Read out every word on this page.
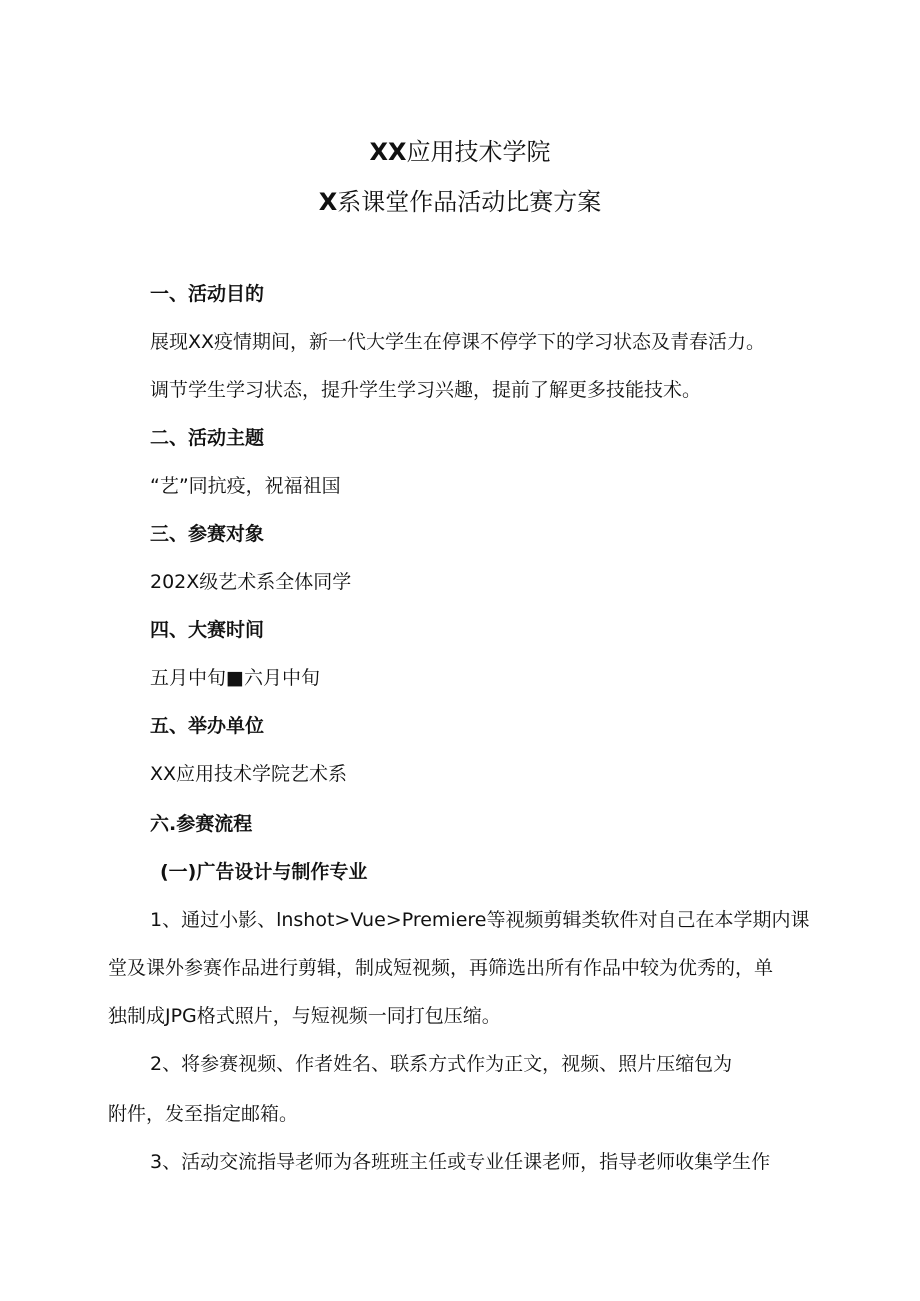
XX应用技术学院
X系课堂作品活动比赛方案
一、活动目的
展现XX疫情期间，新一代大学生在停课不停学下的学习状态及青春活力。
调节学生学习状态，提升学生学习兴趣，提前了解更多技能技术。
二、活动主题
“艺”同抗疫，祝福祖国
三、参赛对象
202X级艺术系全体同学
四、大赛时间
五月中旬■六月中旬
五、举办单位
XX应用技术学院艺术系
六.参赛流程
(一)广告设计与制作专业
1、通过小影、lnshot>Vue>Premiere等视频剪辑类软件对自己在本学期内课
堂及课外参赛作品进行剪辑，制成短视频，再筛选出所有作品中较为优秀的，单
独制成JPG格式照片，与短视频一同打包压缩。
2、将参赛视频、作者姓名、联系方式作为正文，视频、照片压缩包为
附件，发至指定邮箱。
3、活动交流指导老师为各班班主任或专业任课老师，指导老师收集学生作
